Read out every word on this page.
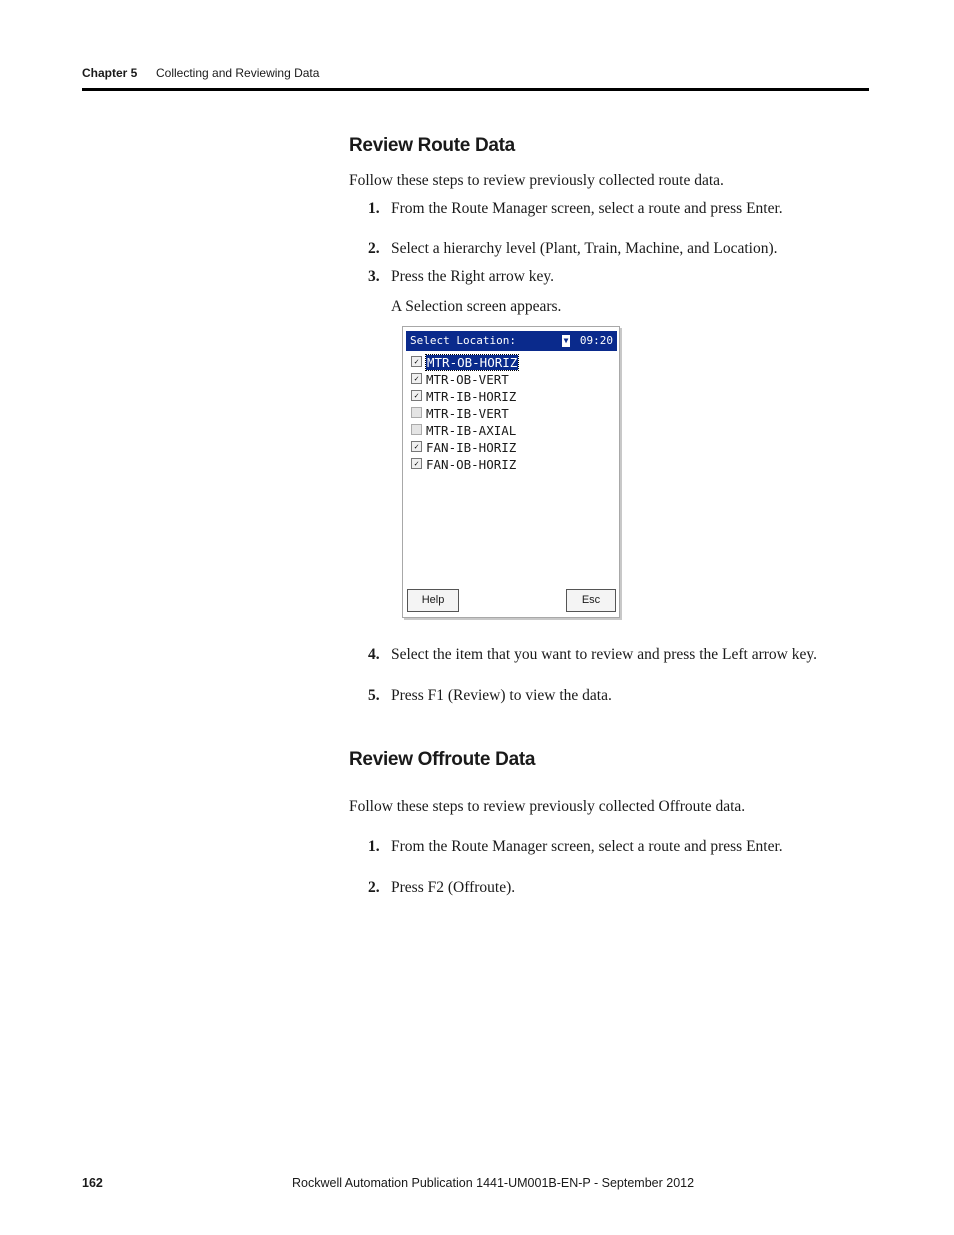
Chapter 5 Collecting and Reviewing Data
Review Route Data

Follow these steps to review previously collected route data.

1. From the Route Manager screen, select a route and press Enter.
2. Select a hierarchy level (Plant, Train, Machine, and Location).
3. Press the Right arrow key.
A Selection screen appears.
Select Location:	▼ 09:20
✓ MTR-OB-HORIZ
✓ MTR-OB-VERT
✓ MTR-IB-HORIZ
MTR-IB-VERT
MTR-IB-AXIAL
✓ FAN-IB-HORIZ
✓ FAN-OB-HORIZ
Help	Esc
4. Select the item that you want to review and press the Left arrow key.
5. Press F1 (Review) to view the data.
Review Offroute Data

Follow these steps to review previously collected Offroute data.

1. From the Route Manager screen, select a route and press Enter.
2. Press F2 (Offroute).
162	Rockwell Automation Publication 1441-UM001B-EN-P - September 2012
